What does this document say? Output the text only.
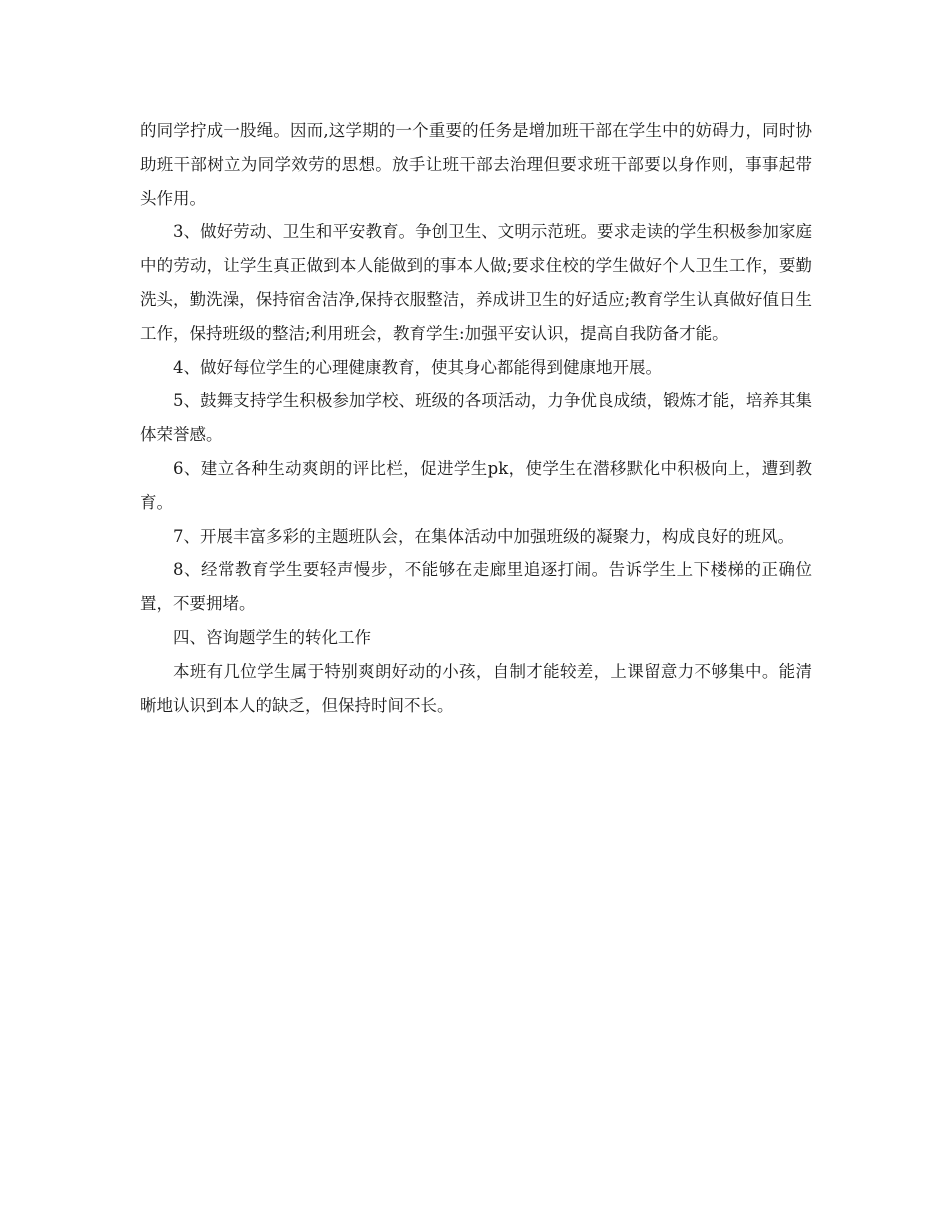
的同学拧成一股绳。因而,这学期的一个重要的任务是增加班干部在学生中的妨碍力，同时协助班干部树立为同学效劳的思想。放手让班干部去治理但要求班干部要以身作则，事事起带头作用。

3、做好劳动、卫生和平安教育。争创卫生、文明示范班。要求走读的学生积极参加家庭中的劳动，让学生真正做到本人能做到的事本人做;要求住校的学生做好个人卫生工作，要勤洗头，勤洗澡，保持宿舍洁净,保持衣服整洁，养成讲卫生的好适应;教育学生认真做好值日生工作，保持班级的整洁;利用班会，教育学生:加强平安认识，提高自我防备才能。

4、做好每位学生的心理健康教育，使其身心都能得到健康地开展。

5、鼓舞支持学生积极参加学校、班级的各项活动，力争优良成绩，锻炼才能，培养其集体荣誉感。

6、建立各种生动爽朗的评比栏，促进学生pk，使学生在潜移默化中积极向上，遭到教育。

7、开展丰富多彩的主题班队会，在集体活动中加强班级的凝聚力，构成良好的班风。

8、经常教育学生要轻声慢步，不能够在走廊里追逐打闹。告诉学生上下楼梯的正确位置，不要拥堵。

四、咨询题学生的转化工作

本班有几位学生属于特别爽朗好动的小孩，自制才能较差，上课留意力不够集中。能清晰地认识到本人的缺乏，但保持时间不长。
